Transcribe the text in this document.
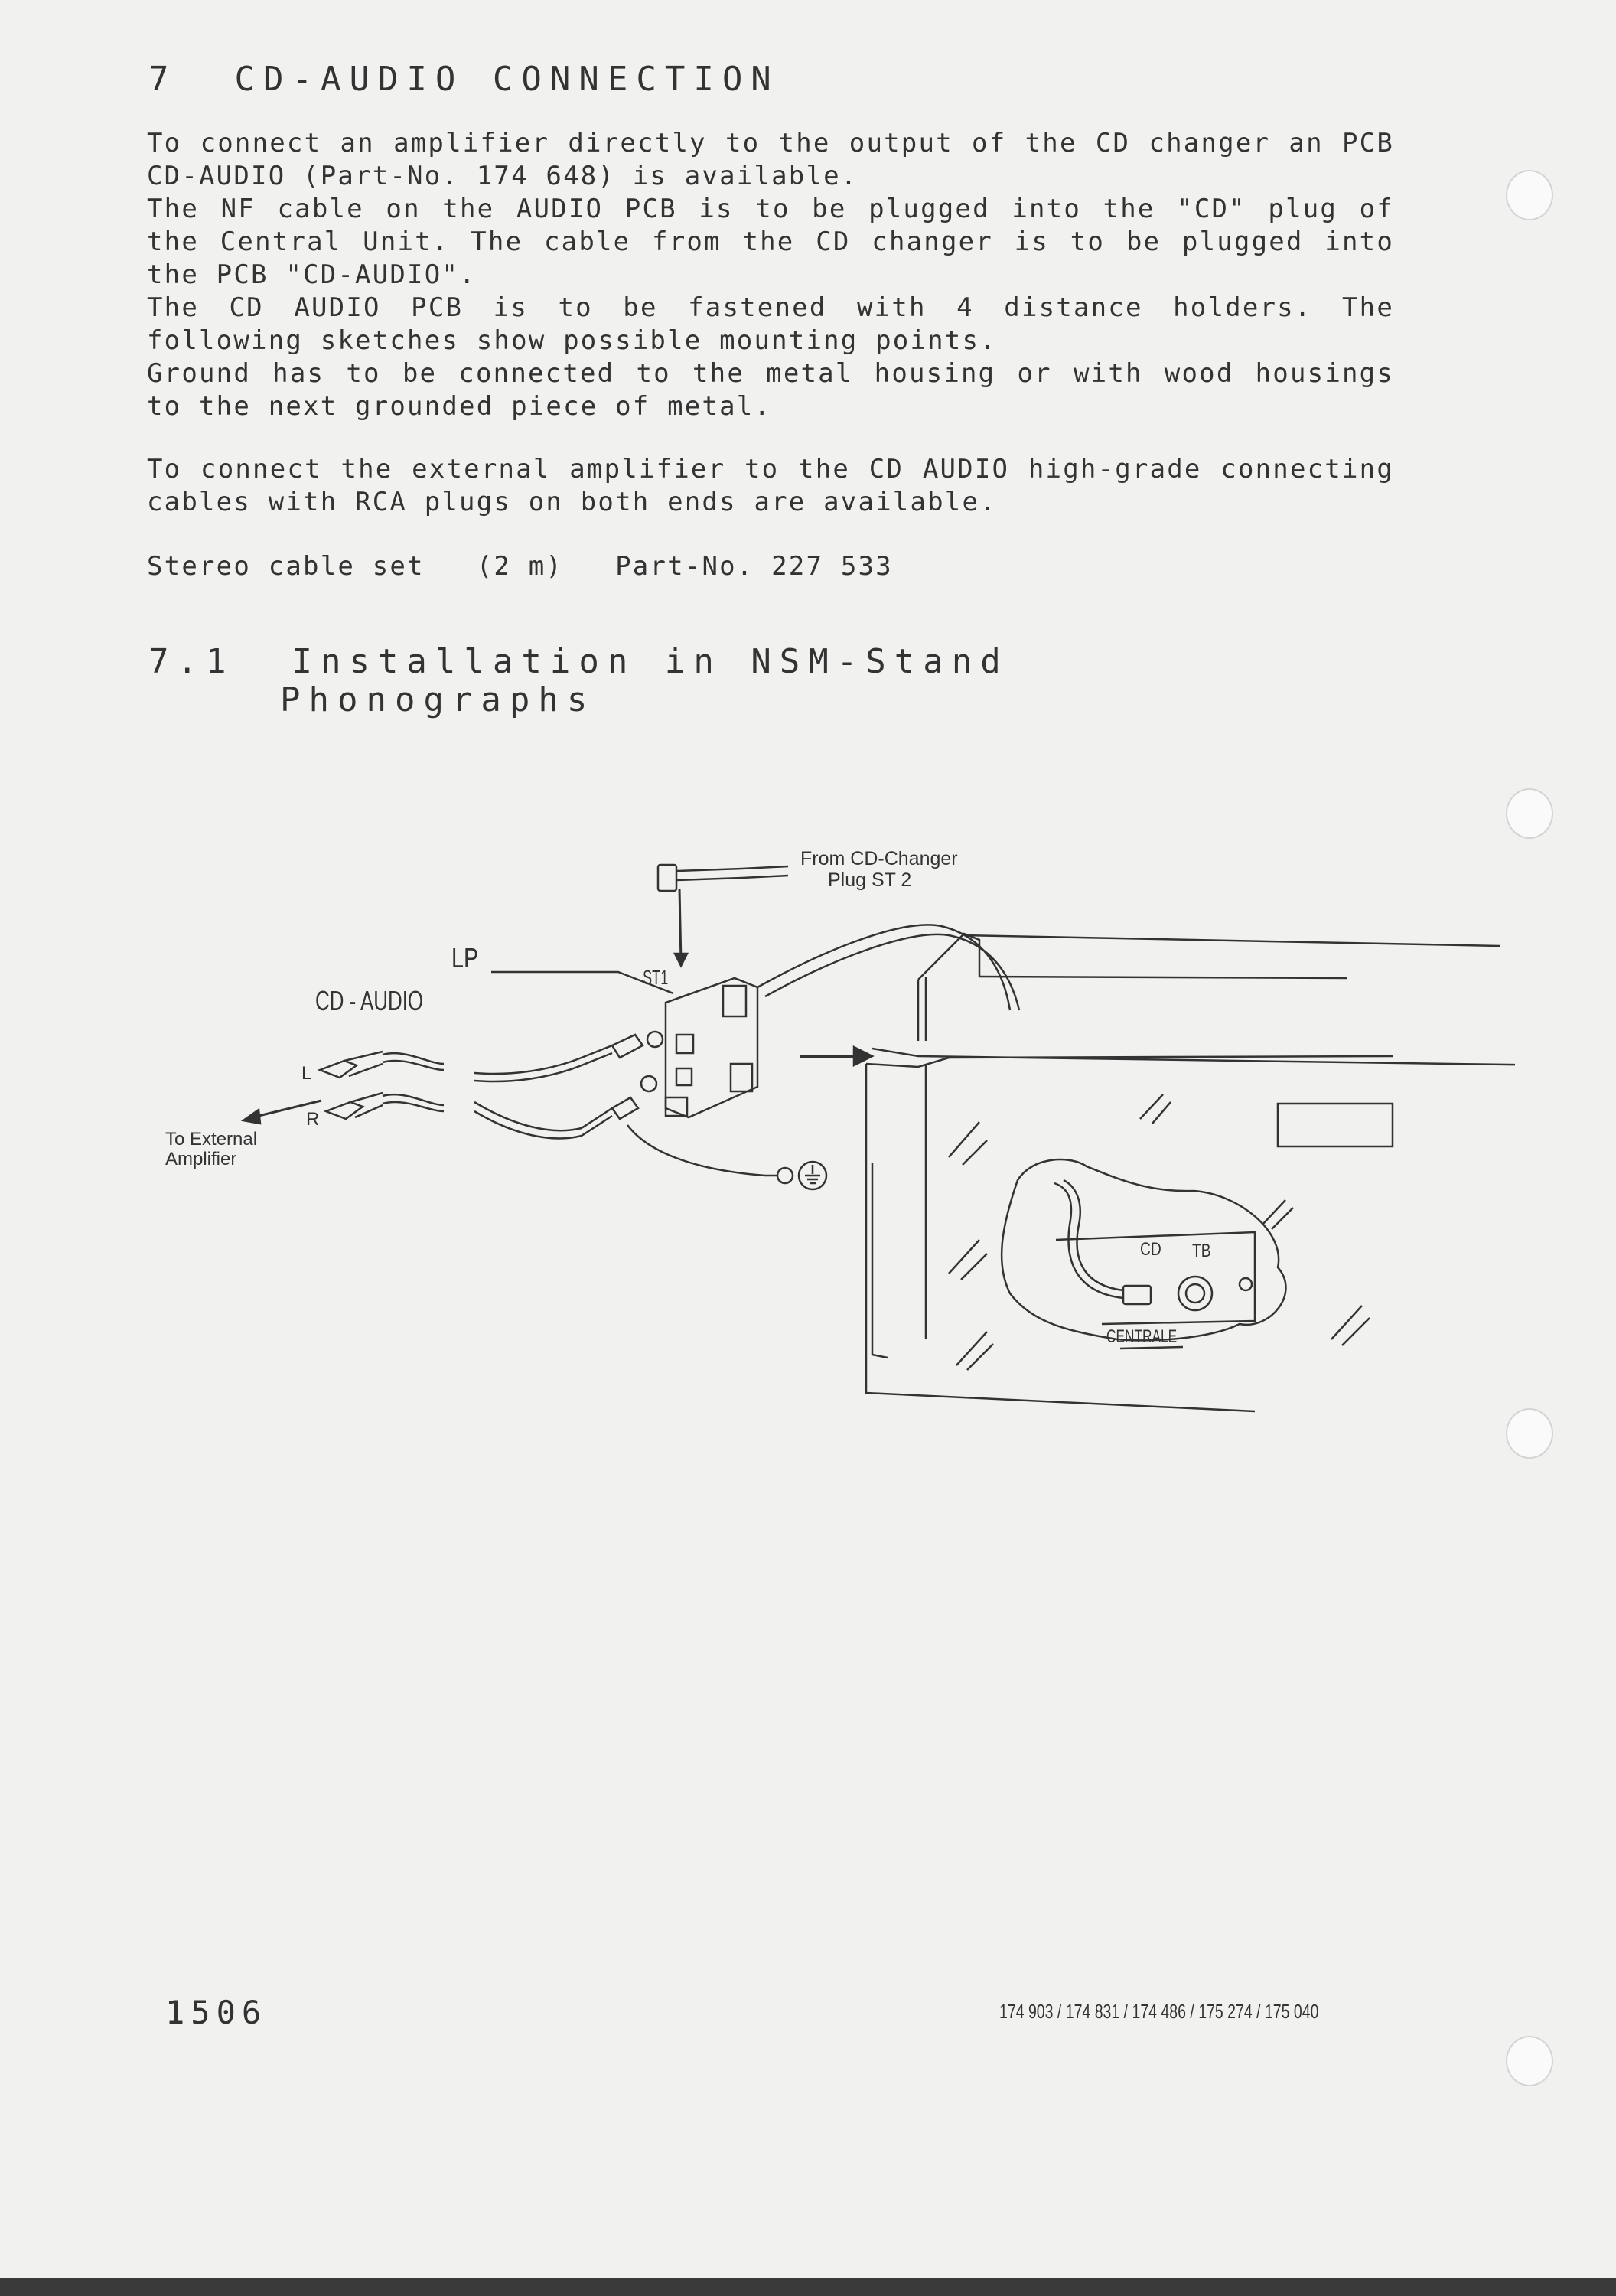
7 CD-AUDIO CONNECTION

To connect an amplifier directly to the output of the CD changer an PCB CD-AUDIO (Part-No. 174 648) is available.
The NF cable on the AUDIO PCB is to be plugged into the "CD" plug of the Central Unit. The cable from the CD changer is to be plugged into the PCB "CD-AUDIO".
The CD AUDIO PCB is to be fastened with 4 distance holders. The following sketches show possible mounting points.
Ground has to be connected to the metal housing or with wood housings to the next grounded piece of metal.

To connect the external amplifier to the CD AUDIO high-grade connecting cables with RCA plugs on both ends are available.

Stereo cable set (2 m) Part-No. 227 533

7.1 Installation in NSM-Stand
Phonographs
From CD-Changer
Plug ST 2
LP
ST1
CD - AUDIO
L
R
To External
Amplifier
CD TB
CENTRALE
1506	174 903 / 174 831 / 174 486 / 175 274 / 175 040
